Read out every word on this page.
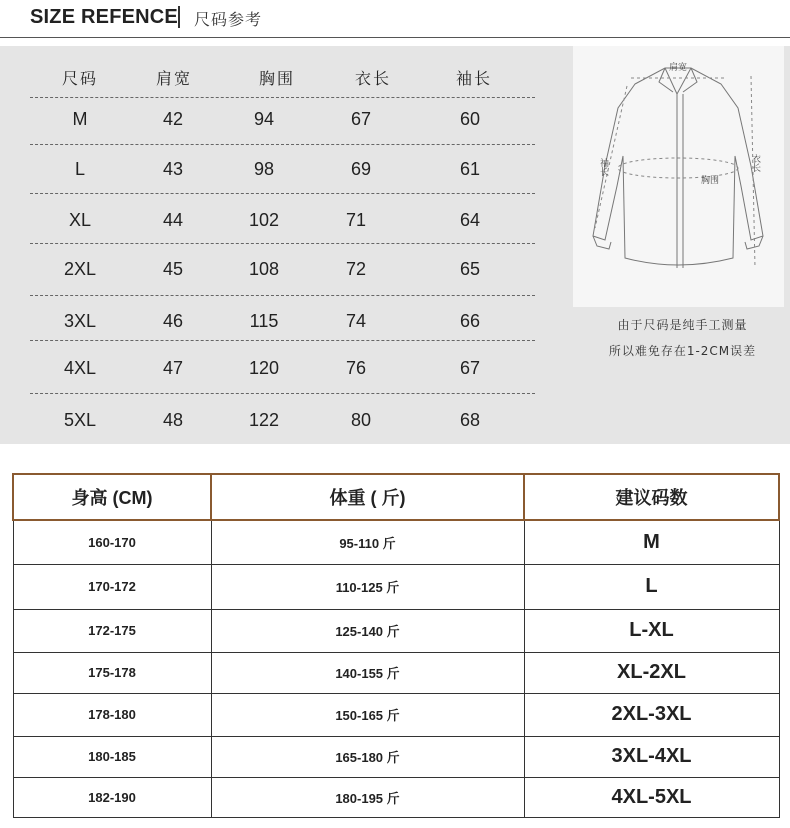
SIZE REFENCE 尺码参考
尺码	肩宽	胸围	衣长	袖长
M	42	94	67	60
L	43	98	69	61
XL	44	102	71	64
2XL	45	108	72	65
3XL	46	115	74	66
4XL	47	120	76	67
5XL	48	122	80	68
肩宽
胸围
袖长	衣长
由于尺码是纯手工测量
所以难免存在1-2CM误差
身高 (CM)	体重 ( 斤)	建议码数
160-170	95-110 斤	M
170-172	110-125 斤	L
172-175	125-140 斤	L-XL
175-178	140-155 斤	XL-2XL
178-180	150-165 斤	2XL-3XL
180-185	165-180 斤	3XL-4XL
182-190	180-195 斤	4XL-5XL
